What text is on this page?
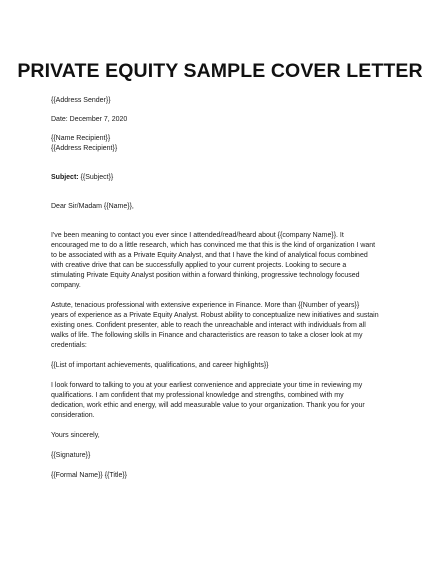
PRIVATE EQUITY SAMPLE COVER LETTER

{{Address Sender}}

Date: December 7, 2020

{{Name Recipient}}

{{Address Recipient}}

Subject: {{Subject}}

Dear Sir/Madam {{Name}},

I've been meaning to contact you ever since I attended/read/heard about {{company Name}}. It

encouraged me to do a little research, which has convinced me that this is the kind of organization I want

to be associated with as a Private Equity Analyst, and that I have the kind of analytical focus combined

with creative drive that can be successfully applied to your current projects. Looking to secure a

stimulating Private Equity Analyst position within a forward thinking, progressive technology focused

company.

Astute, tenacious professional with extensive experience in Finance. More than {{Number of years}}

years of experience as a Private Equity Analyst. Robust ability to conceptualize new initiatives and sustain

existing ones. Confident presenter, able to reach the unreachable and interact with individuals from all

walks of life. The following skills in Finance and characteristics are reason to take a closer look at my

credentials:

{{List of important achievements, qualifications, and career highlights}}

I look forward to talking to you at your earliest convenience and appreciate your time in reviewing my

qualifications. I am confident that my professional knowledge and strengths, combined with my

dedication, work ethic and energy, will add measurable value to your organization. Thank you for your

consideration.

Yours sincerely,

{{Signature}}

{{Formal Name}} {{Title}}
